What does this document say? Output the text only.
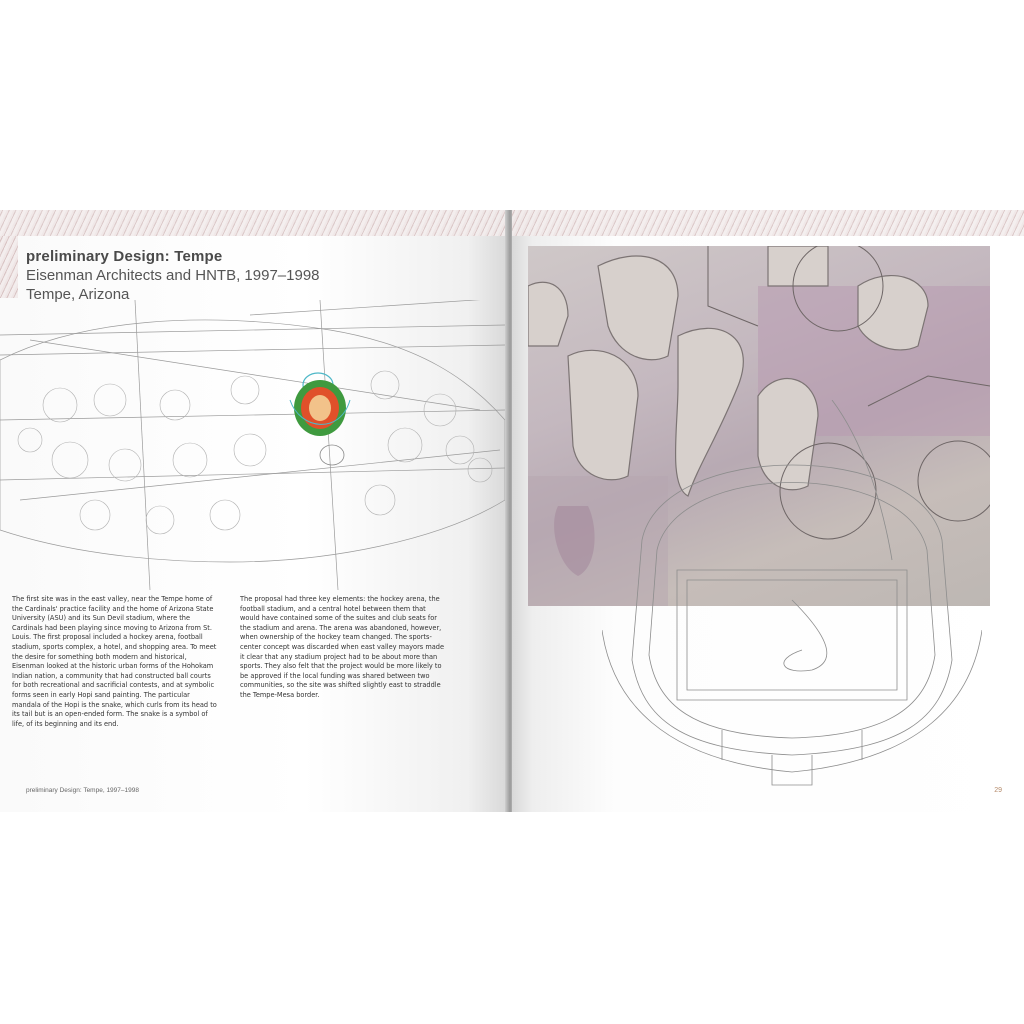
preliminary Design: Tempe
Eisenman Architects and HNTB, 1997–1998
Tempe, Arizona
The first site was in the east valley, near the Tempe home of the Cardinals' practice facility and the home of Arizona State University (ASU) and its Sun Devil stadium, where the Cardinals had been playing since moving to Arizona from St. Louis. The first proposal included a hockey arena, football stadium, sports complex, a hotel, and shopping area. To meet the desire for something both modern and historical, Eisenman looked at the historic urban forms of the Hohokam Indian nation, a community that had constructed ball courts for both recreational and sacrificial contests, and at symbolic forms seen in early Hopi sand painting. The particular mandala of the Hopi is the snake, which curls from its head to its tail but is an open-ended form. The snake is a symbol of life, of its beginning and its end.
The proposal had three key elements: the hockey arena, the football stadium, and a central hotel between them that would have contained some of the suites and club seats for the stadium and arena. The arena was abandoned, however, when ownership of the hockey team changed. The sports-center concept was discarded when east valley mayors made it clear that any stadium project had to be about more than sports. They also felt that the project would be more likely to be approved if the local funding was shared between two communities, so the site was shifted slightly east to straddle the Tempe-Mesa border.
preliminary Design: Tempe, 1997–1998	29
